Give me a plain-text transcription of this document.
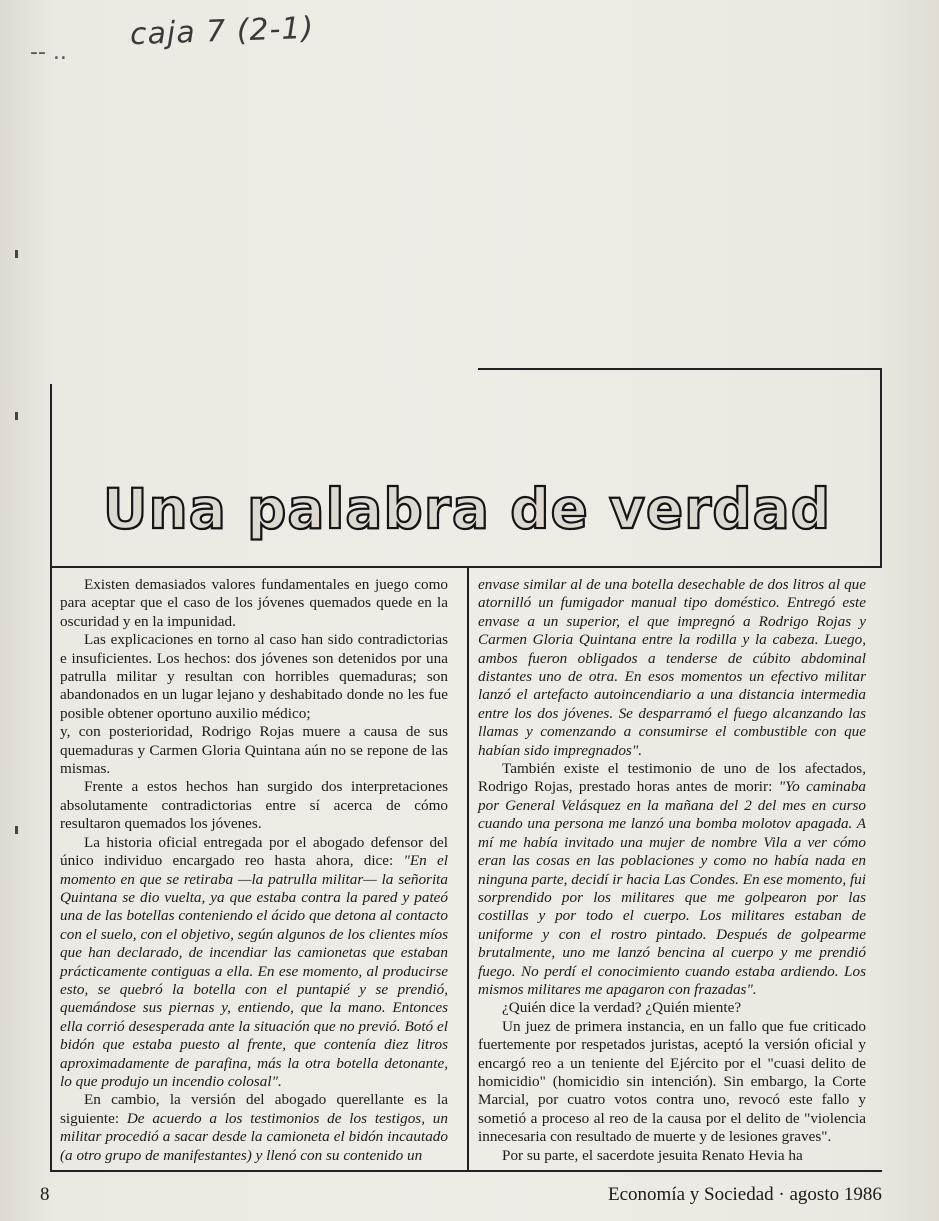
-- ..
caja 7 (2-1)
Una palabra de verdad

Existen demasiados valores fundamentales en juego como para aceptar que el caso de los jóvenes quemados quede en la oscuridad y en la impunidad.

Las explicaciones en torno al caso han sido contradictorias e insuficientes. Los hechos: dos jóvenes son detenidos por una patrulla militar y resultan con horribles quemaduras; son abandonados en un lugar lejano y deshabitado donde no les fue posible obtener oportuno auxilio médico;

y, con posterioridad, Rodrigo Rojas muere a causa de sus quemaduras y Carmen Gloria Quintana aún no se repone de las mismas.

Frente a estos hechos han surgido dos interpretaciones absolutamente contradictorias entre sí acerca de cómo resultaron quemados los jóvenes.

La historia oficial entregada por el abogado defensor del único individuo encargado reo hasta ahora, dice: "En el momento en que se retiraba —la patrulla militar— la señorita Quintana se dio vuelta, ya que estaba contra la pared y pateó una de las botellas conteniendo el ácido que detona al contacto con el suelo, con el objetivo, según algunos de los clientes míos que han declarado, de incendiar las camionetas que estaban prácticamente contiguas a ella. En ese momento, al producirse esto, se quebró la botella con el puntapié y se prendió, quemándose sus piernas y, entiendo, que la mano. Entonces ella corrió desesperada ante la situación que no previó. Botó el bidón que estaba puesto al frente, que contenía diez litros aproximadamente de parafina, más la otra botella detonante, lo que produjo un incendio colosal".

En cambio, la versión del abogado querellante es la siguiente: De acuerdo a los testimonios de los testigos, un militar procedió a sacar desde la camioneta el bidón incautado (a otro grupo de manifestantes) y llenó con su contenido un

envase similar al de una botella desechable de dos litros al que atornilló un fumigador manual tipo doméstico. Entregó este envase a un superior, el que impregnó a Rodrigo Rojas y Carmen Gloria Quintana entre la rodilla y la cabeza. Luego, ambos fueron obligados a tenderse de cúbito abdominal distantes uno de otra. En esos momentos un efectivo militar lanzó el artefacto autoincendiario a una distancia intermedia entre los dos jóvenes. Se desparramó el fuego alcanzando las llamas y comenzando a consumirse el combustible con que habían sido impregnados".

También existe el testimonio de uno de los afectados, Rodrigo Rojas, prestado horas antes de morir: "Yo caminaba por General Velásquez en la mañana del 2 del mes en curso cuando una persona me lanzó una bomba molotov apagada. A mí me había invitado una mujer de nombre Vila a ver cómo eran las cosas en las poblaciones y como no había nada en ninguna parte, decidí ir hacia Las Condes. En ese momento, fui sorprendido por los militares que me golpearon por las costillas y por todo el cuerpo. Los militares estaban de uniforme y con el rostro pintado. Después de golpearme brutalmente, uno me lanzó bencina al cuerpo y me prendió fuego. No perdí el conocimiento cuando estaba ardiendo. Los mismos militares me apagaron con frazadas".

¿Quién dice la verdad? ¿Quién miente?

Un juez de primera instancia, en un fallo que fue criticado fuertemente por respetados juristas, aceptó la versión oficial y encargó reo a un teniente del Ejército por el "cuasi delito de homicidio" (homicidio sin intención). Sin embargo, la Corte Marcial, por cuatro votos contra uno, revocó este fallo y sometió a proceso al reo de la causa por el delito de "violencia innecesaria con resultado de muerte y de lesiones graves".

Por su parte, el sacerdote jesuita Renato Hevia ha

8	Economía y Sociedad · agosto 1986
